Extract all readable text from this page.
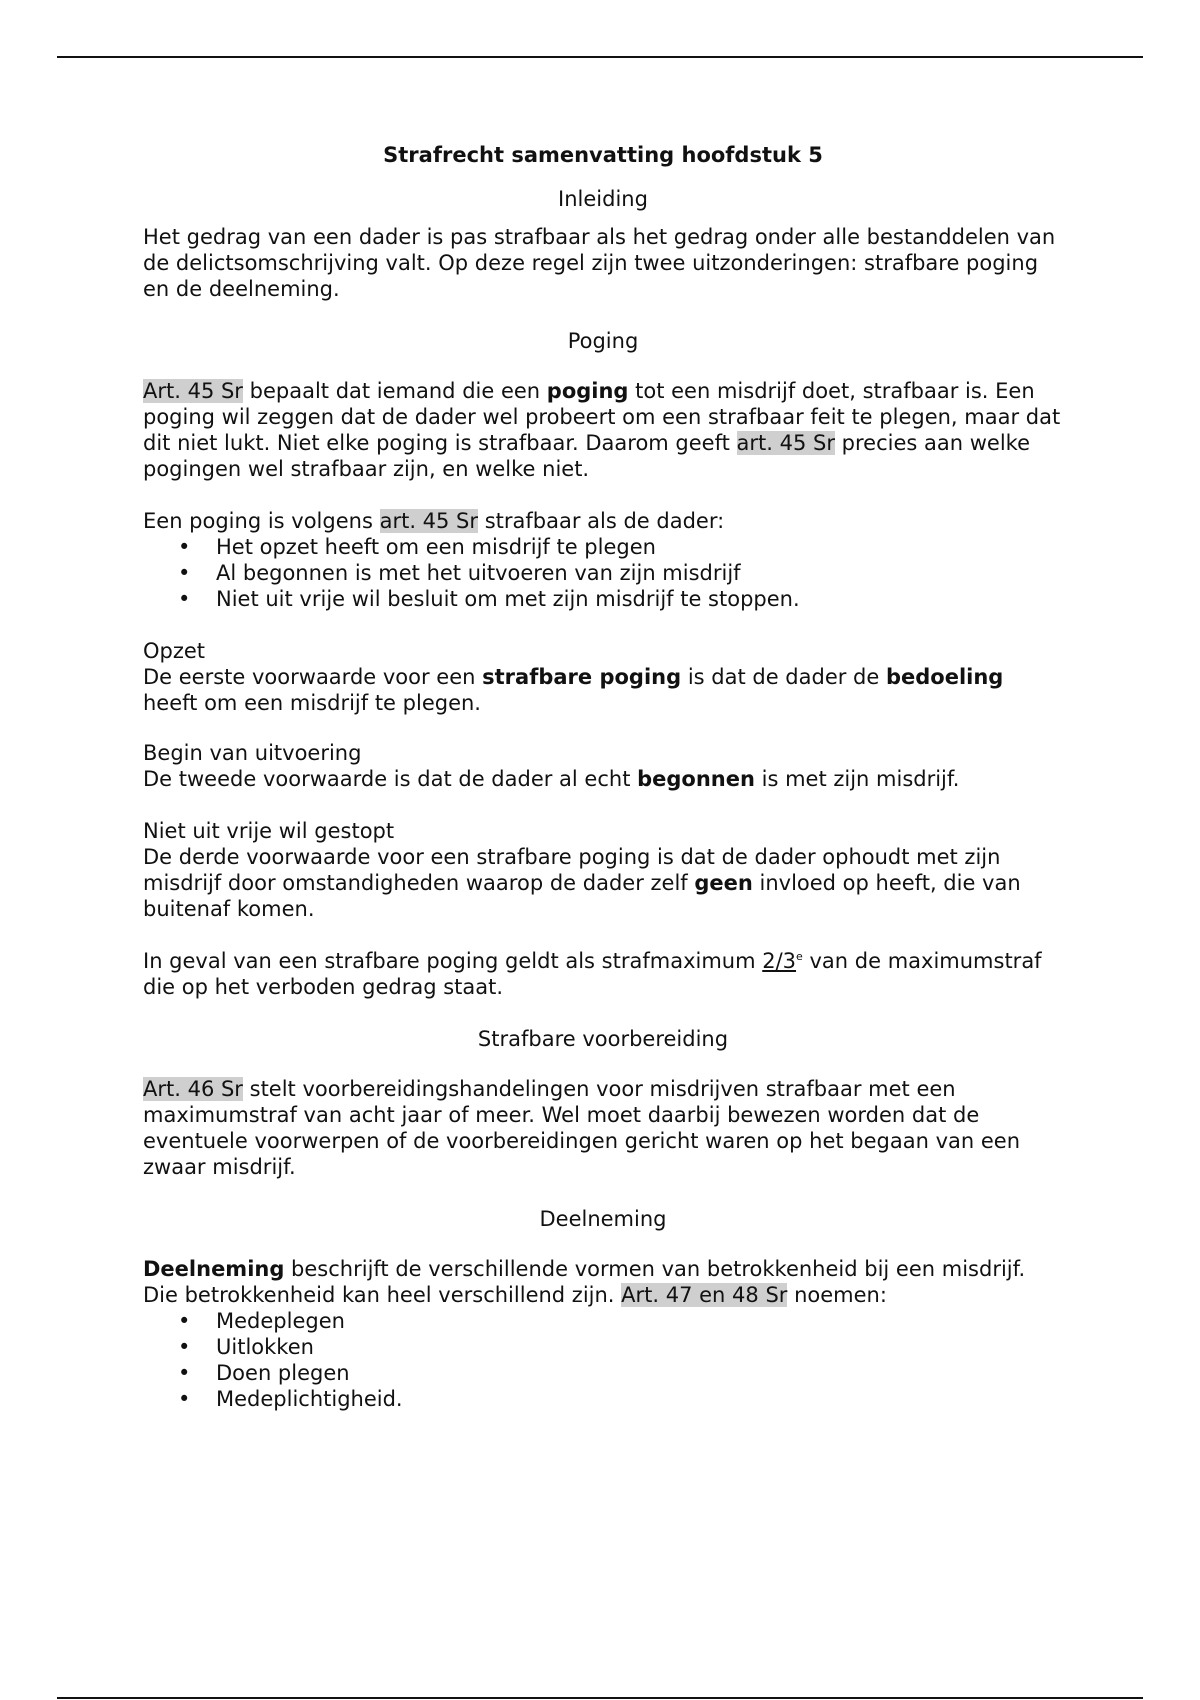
Strafrecht samenvatting hoofdstuk 5

Inleiding

Het gedrag van een dader is pas strafbaar als het gedrag onder alle bestanddelen van de delictsomschrijving valt. Op deze regel zijn twee uitzonderingen: strafbare poging en de deelneming.

Poging

Art. 45 Sr bepaalt dat iemand die een poging tot een misdrijf doet, strafbaar is. Een poging wil zeggen dat de dader wel probeert om een strafbaar feit te plegen, maar dat dit niet lukt. Niet elke poging is strafbaar. Daarom geeft art. 45 Sr precies aan welke pogingen wel strafbaar zijn, en welke niet.

Een poging is volgens art. 45 Sr strafbaar als de dader:

• Het opzet heeft om een misdrijf te plegen
• Al begonnen is met het uitvoeren van zijn misdrijf
• Niet uit vrije wil besluit om met zijn misdrijf te stoppen.

Opzet

De eerste voorwaarde voor een strafbare poging is dat de dader de bedoeling heeft om een misdrijf te plegen.

Begin van uitvoering

De tweede voorwaarde is dat de dader al echt begonnen is met zijn misdrijf.

Niet uit vrije wil gestopt

De derde voorwaarde voor een strafbare poging is dat de dader ophoudt met zijn misdrijf door omstandigheden waarop de dader zelf geen invloed op heeft, die van buitenaf komen.

In geval van een strafbare poging geldt als strafmaximum 2/3e van de maximumstraf die op het verboden gedrag staat.

Strafbare voorbereiding

Art. 46 Sr stelt voorbereidingshandelingen voor misdrijven strafbaar met een maximumstraf van acht jaar of meer. Wel moet daarbij bewezen worden dat de eventuele voorwerpen of de voorbereidingen gericht waren op het begaan van een zwaar misdrijf.

Deelneming

Deelneming beschrijft de verschillende vormen van betrokkenheid bij een misdrijf. Die betrokkenheid kan heel verschillend zijn. Art. 47 en 48 Sr noemen:

• Medeplegen
• Uitlokken
• Doen plegen
• Medeplichtigheid.
